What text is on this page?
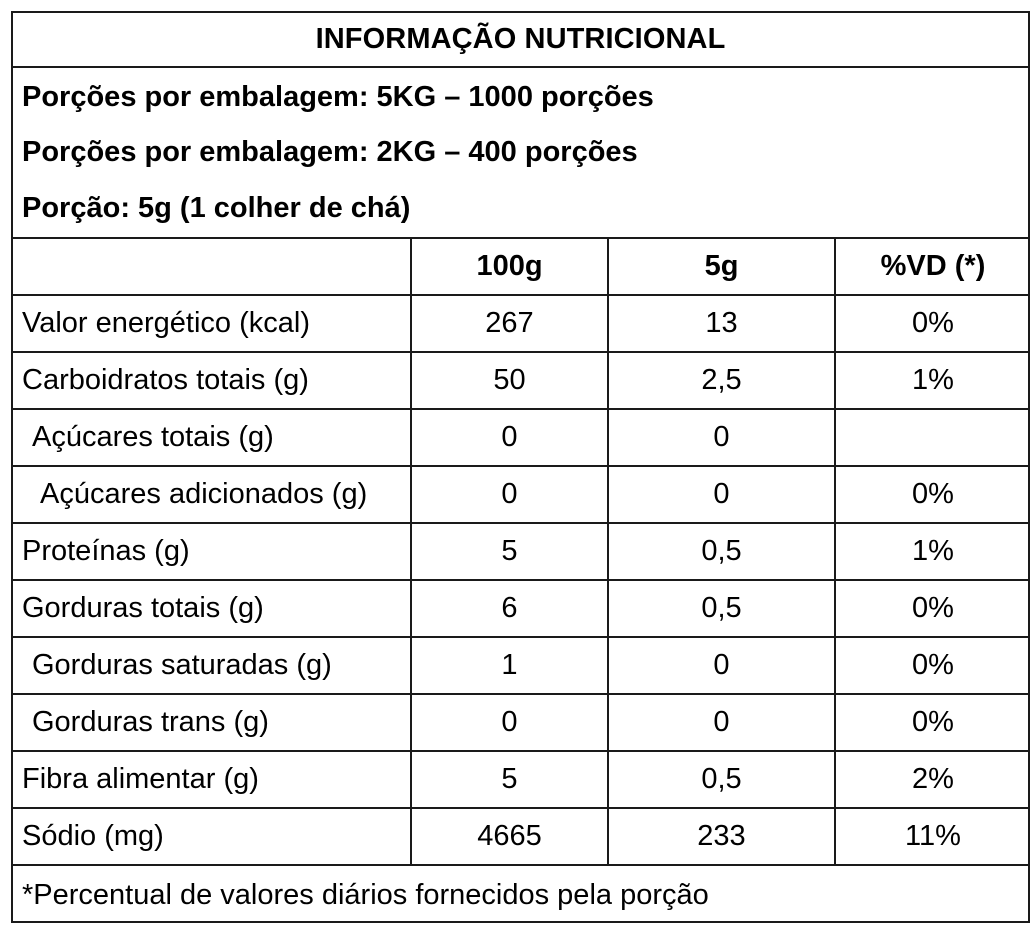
INFORMAÇÃO NUTRICIONAL
Porções por embalagem: 5KG – 1000 porções
Porções por embalagem: 2KG – 400 porções
Porção: 5g (1 colher de chá)
100g	5g	%VD (*)
Valor energético (kcal)	267	13	0%
Carboidratos totais (g)	50	2,5	1%
Açúcares totais (g)	0	0
Açúcares adicionados (g)	0	0	0%
Proteínas (g)	5	0,5	1%
Gorduras totais (g)	6	0,5	0%
Gorduras saturadas (g)	1	0	0%
Gorduras trans (g)	0	0	0%
Fibra alimentar (g)	5	0,5	2%
Sódio (mg)	4665	233	11%
*Percentual de valores diários fornecidos pela porção
